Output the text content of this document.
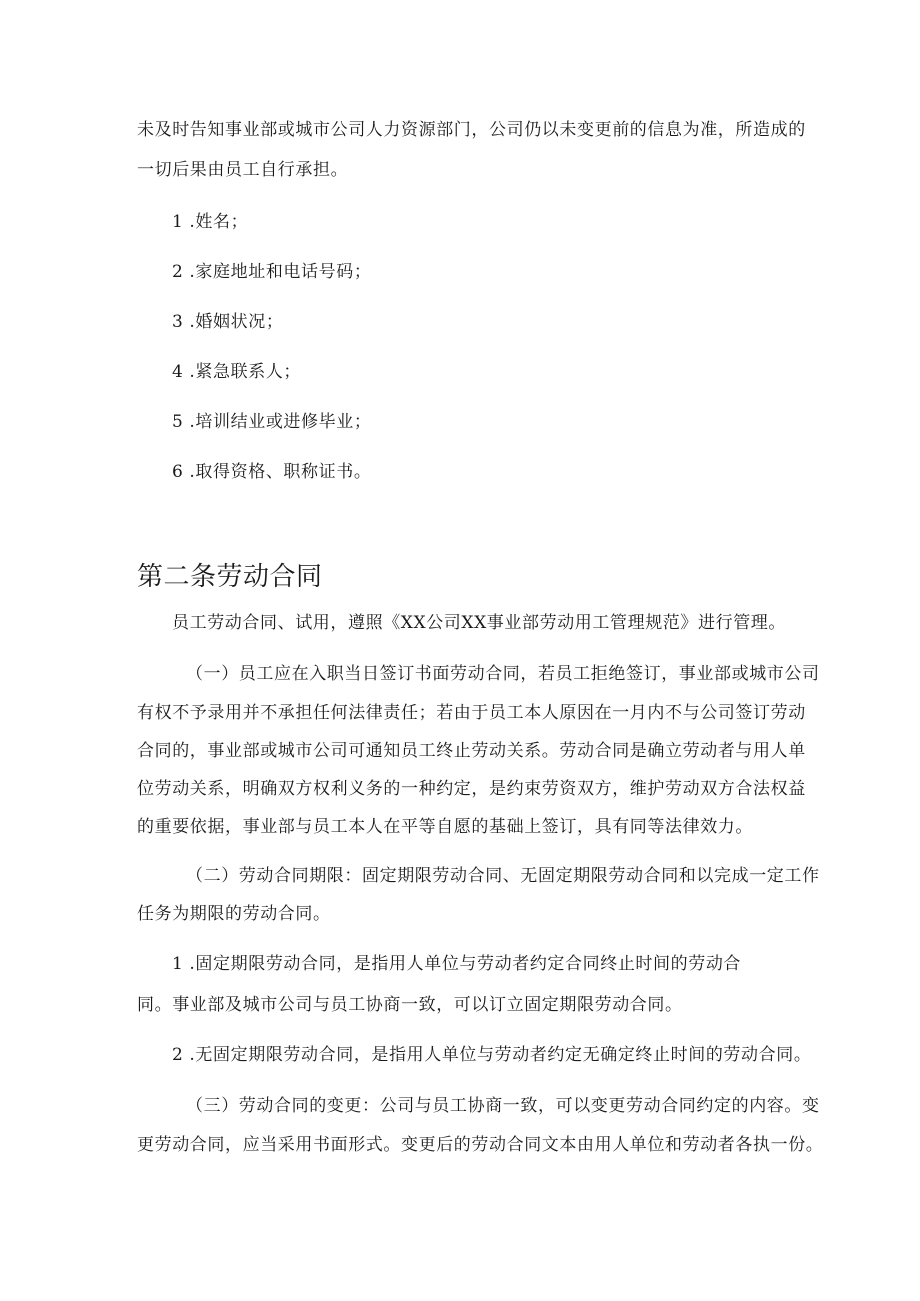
未及时告知事业部或城市公司人力资源部门，公司仍以未变更前的信息为准，所造成的
一切后果由员工自行承担。
1 .姓名；
2 .家庭地址和电话号码；
3 .婚姻状况；
4 .紧急联系人；
5 .培训结业或进修毕业；
6 .取得资格、职称证书。
第二条劳动合同
员工劳动合同、试用，遵照《XX公司XX事业部劳动用工管理规范》进行管理。
（一）员工应在入职当日签订书面劳动合同，若员工拒绝签订，事业部或城市公司
有权不予录用并不承担任何法律责任；若由于员工本人原因在一月内不与公司签订劳动
合同的，事业部或城市公司可通知员工终止劳动关系。劳动合同是确立劳动者与用人单
位劳动关系，明确双方权利义务的一种约定，是约束劳资双方，维护劳动双方合法权益
的重要依据，事业部与员工本人在平等自愿的基础上签订，具有同等法律效力。
（二）劳动合同期限：固定期限劳动合同、无固定期限劳动合同和以完成一定工作
任务为期限的劳动合同。
1 .固定期限劳动合同，是指用人单位与劳动者约定合同终止时间的劳动合
同。事业部及城市公司与员工协商一致，可以订立固定期限劳动合同。
2 .无固定期限劳动合同，是指用人单位与劳动者约定无确定终止时间的劳动合同。
（三）劳动合同的变更：公司与员工协商一致，可以变更劳动合同约定的内容。变
更劳动合同，应当采用书面形式。变更后的劳动合同文本由用人单位和劳动者各执一份。
